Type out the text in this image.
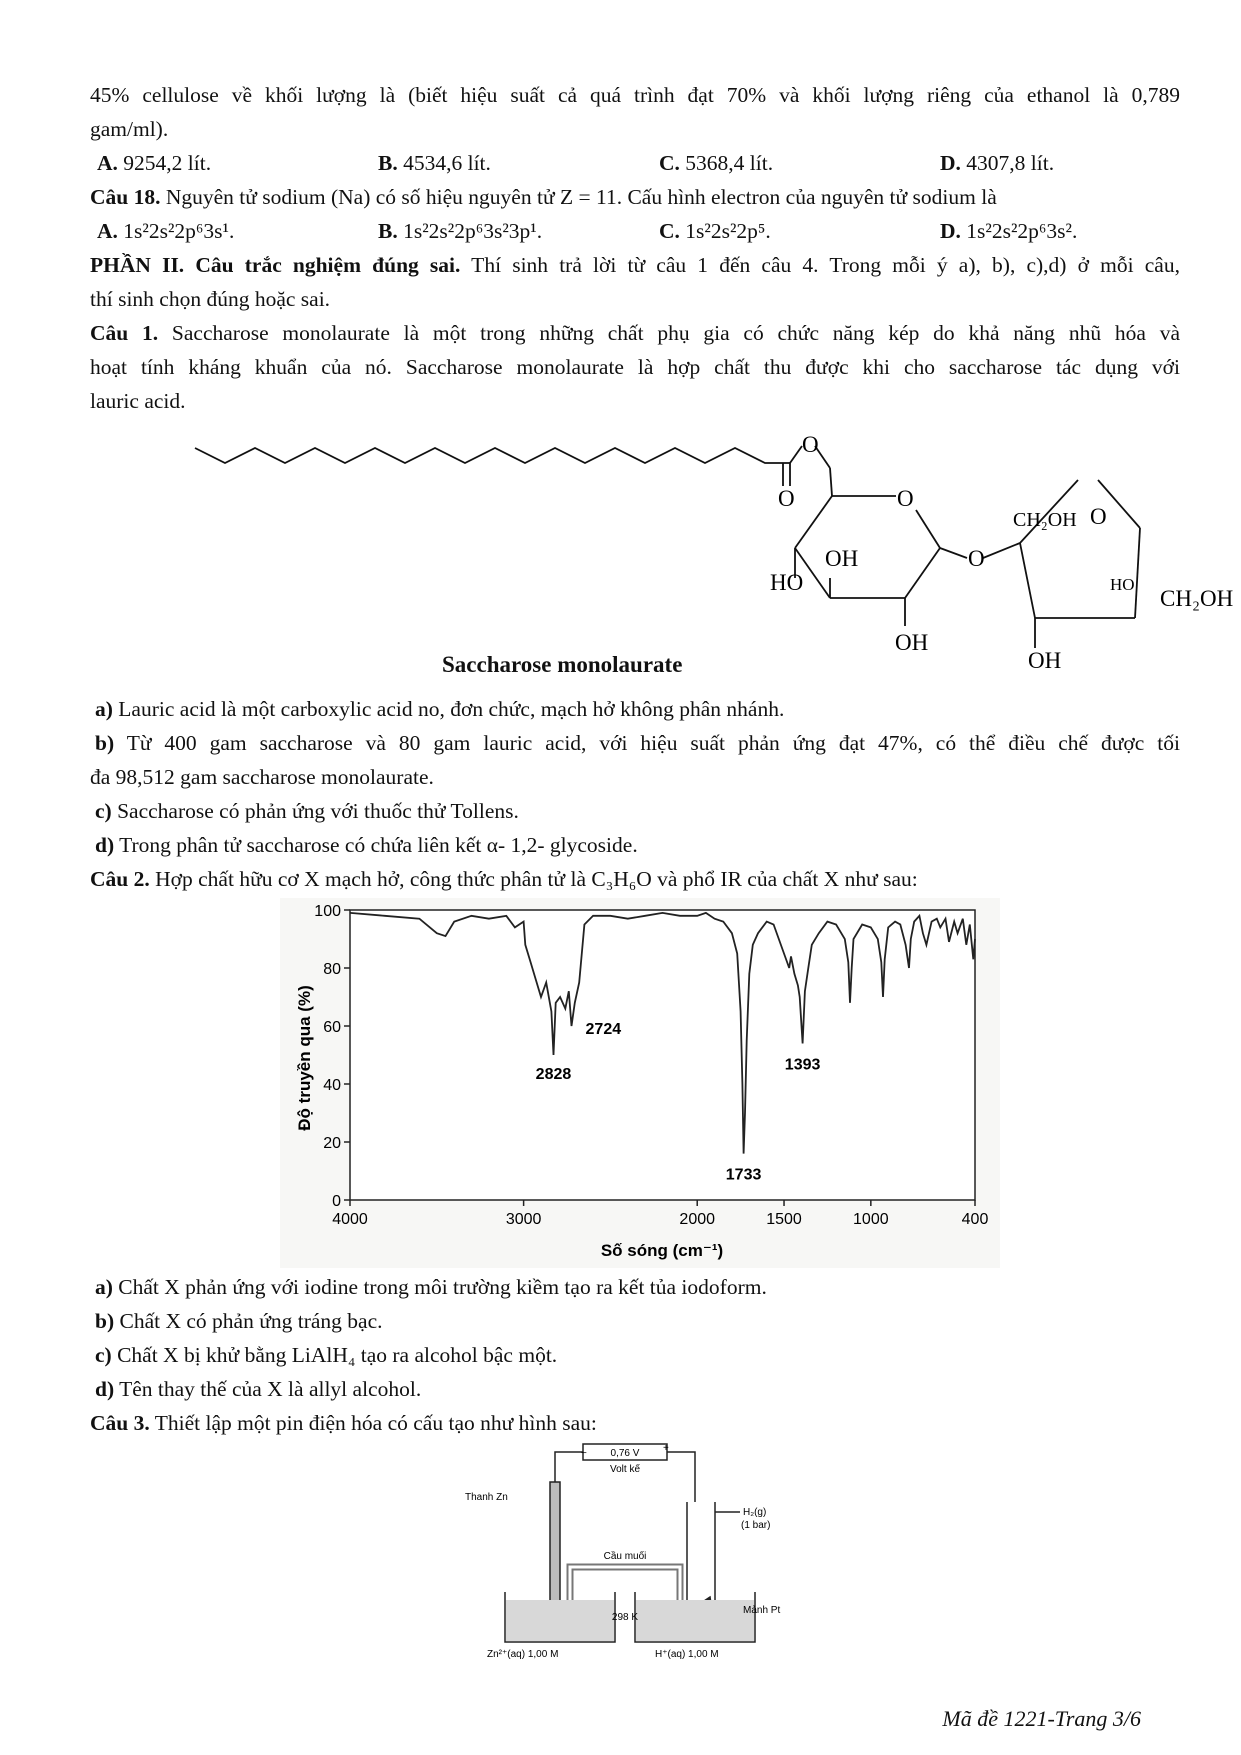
45% cellulose về khối lượng là (biết hiệu suất cả quá trình đạt 70% và khối lượng riêng của ethanol là 0,789
gam/ml).
A. 9254,2 lít.	B. 4534,6 lít.	C. 5368,4 lít.	D. 4307,8 lít.
Câu 18. Nguyên tử sodium (Na) có số hiệu nguyên tử Z = 11. Cấu hình electron của nguyên tử sodium là
A. 1s²2s²2p⁶3s¹.	B. 1s²2s²2p⁶3s²3p¹.	C. 1s²2s²2p⁵.	D. 1s²2s²2p⁶3s².
PHẦN II. Câu trắc nghiệm đúng sai. Thí sinh trả lời từ câu 1 đến câu 4. Trong mỗi ý a), b), c),d) ở mỗi câu,
thí sinh chọn đúng hoặc sai.
Câu 1. Saccharose monolaurate là một trong những chất phụ gia có chức năng kép do khả năng nhũ hóa và
hoạt tính kháng khuẩn của nó. Saccharose monolaurate là hợp chất thu được khi cho saccharose tác dụng với
lauric acid.
O
O	O
OH
HO
OH
O
CH₂OH O
HO
CH₂OH
OH
Saccharose monolaurate
a) Lauric acid là một carboxylic acid no, đơn chức, mạch hở không phân nhánh.
b) Từ 400 gam saccharose và 80 gam lauric acid, với hiệu suất phản ứng đạt 47%, có thể điều chế được tối
đa 98,512 gam saccharose monolaurate.
c) Saccharose có phản ứng với thuốc thử Tollens.
d) Trong phân tử saccharose có chứa liên kết α- 1,2- glycoside.
Câu 2. Hợp chất hữu cơ X mạch hở, công thức phân tử là C₃H₆O và phổ IR của chất X như sau:
0
20
40
60
80
100
4000	3000	2000	1500	1000	400
2828
2724
1733
1393
Độ truyền qua (%)
Số sóng (cm⁻¹)
a) Chất X phản ứng với iodine trong môi trường kiềm tạo ra kết tủa iodoform.
b) Chất X có phản ứng tráng bạc.
c) Chất X bị khử bằng LiAlH₄ tạo ra alcohol bậc một.
d) Tên thay thế của X là allyl alcohol.
Câu 3. Thiết lập một pin điện hóa có cấu tạo như hình sau:
−	+
0,76 V
Volt kế
Thanh Zn
H₂(g)
(1 bar)
Cầu muối
298 K
Mảnh Pt
Zn²⁺(aq) 1,00 M	H⁺(aq) 1,00 M
Mã đề 1221-Trang 3/6
